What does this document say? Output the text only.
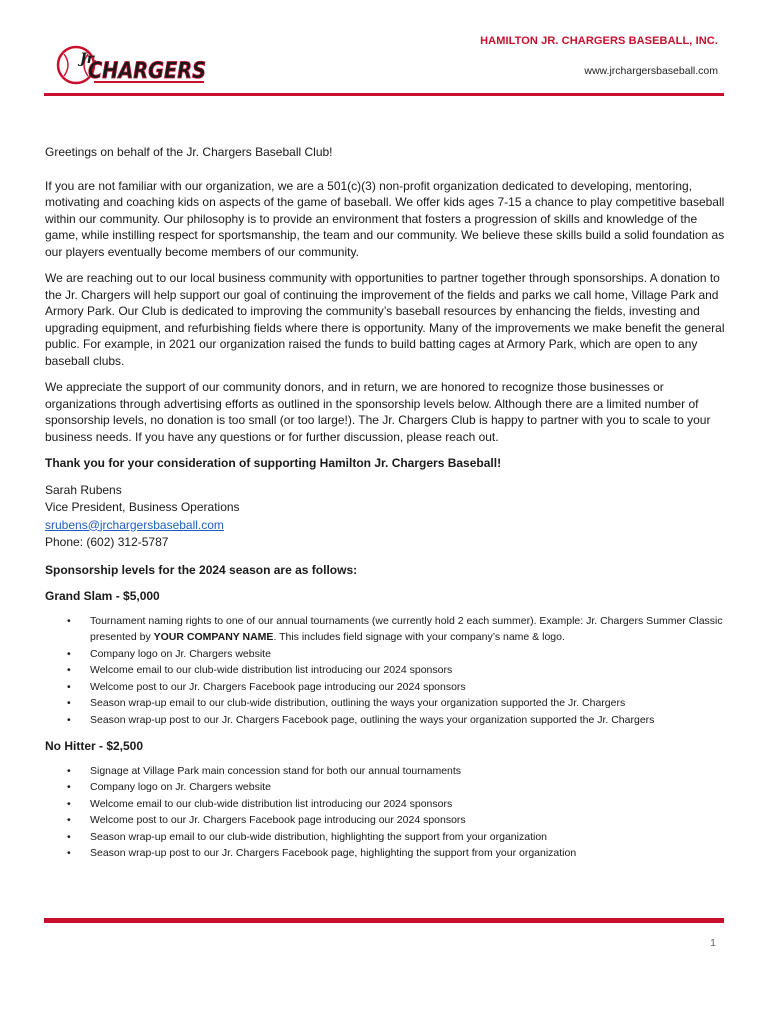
Jr.
CHARGERS
HAMILTON JR. CHARGERS BASEBALL, INC.
www.jrchargersbaseball.com

Greetings on behalf of the Jr. Chargers Baseball Club!

If you are not familiar with our organization, we are a 501(c)(3) non-profit organization dedicated to developing, mentoring, motivating and coaching kids on aspects of the game of baseball. We offer kids ages 7-15 a chance to play competitive baseball within our community. Our philosophy is to provide an environment that fosters a progression of skills and knowledge of the game, while instilling respect for sportsmanship, the team and our community. We believe these skills build a solid foundation as our players eventually become members of our community.

We are reaching out to our local business community with opportunities to partner together through sponsorships. A donation to the Jr. Chargers will help support our goal of continuing the improvement of the fields and parks we call home, Village Park and Armory Park. Our Club is dedicated to improving the community’s baseball resources by enhancing the fields, investing and upgrading equipment, and refurbishing fields where there is opportunity. Many of the improvements we make benefit the general public. For example, in 2021 our organization raised the funds to build batting cages at Armory Park, which are open to any baseball clubs.

We appreciate the support of our community donors, and in return, we are honored to recognize those businesses or organizations through advertising efforts as outlined in the sponsorship levels below. Although there are a limited number of sponsorship levels, no donation is too small (or too large!). The Jr. Chargers Club is happy to partner with you to scale to your business needs. If you have any questions or for further discussion, please reach out.

Thank you for your consideration of supporting Hamilton Jr. Chargers Baseball!

Sarah Rubens
Vice President, Business Operations
srubens@jrchargersbaseball.com
Phone: (602) 312-5787

Sponsorship levels for the 2024 season are as follows:

Grand Slam - $5,000

• Tournament naming rights to one of our annual tournaments (we currently hold 2 each summer). Example: Jr. Chargers Summer Classic presented by YOUR COMPANY NAME. This includes field signage with your company’s name & logo.
• Company logo on Jr. Chargers website
• Welcome email to our club-wide distribution list introducing our 2024 sponsors
• Welcome post to our Jr. Chargers Facebook page introducing our 2024 sponsors
• Season wrap-up email to our club-wide distribution, outlining the ways your organization supported the Jr. Chargers
• Season wrap-up post to our Jr. Chargers Facebook page, outlining the ways your organization supported the Jr. Chargers

No Hitter - $2,500

• Signage at Village Park main concession stand for both our annual tournaments
• Company logo on Jr. Chargers website
• Welcome email to our club-wide distribution list introducing our 2024 sponsors
• Welcome post to our Jr. Chargers Facebook page introducing our 2024 sponsors
• Season wrap-up email to our club-wide distribution, highlighting the support from your organization
• Season wrap-up post to our Jr. Chargers Facebook page, highlighting the support from your organization
1
